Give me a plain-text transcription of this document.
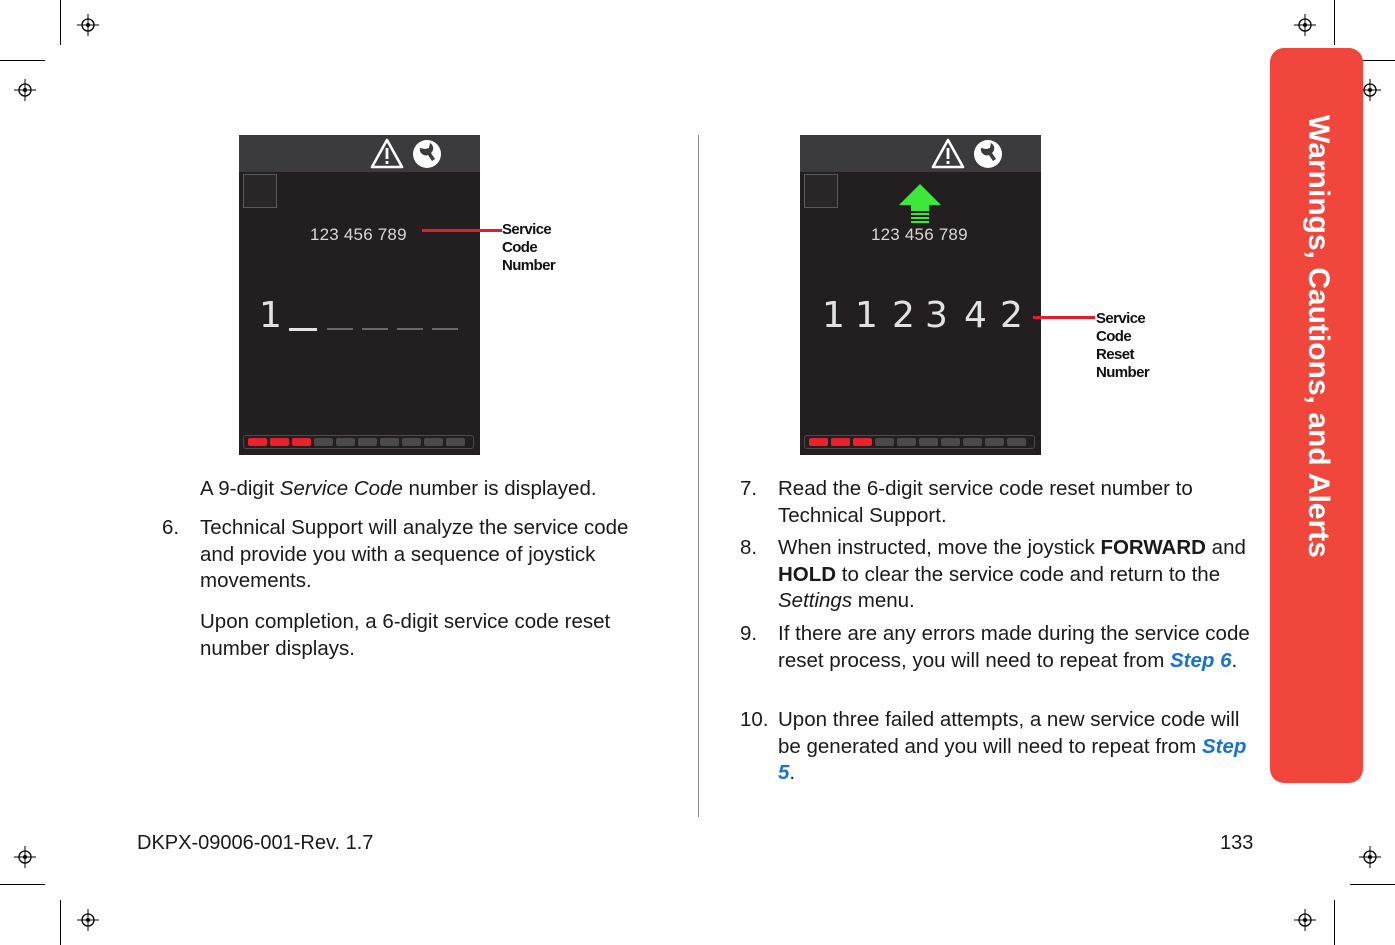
Warnings, Cautions, and Alerts
123 456 789
1
Service
Code
Number
123 456 789
1 1 2 3 4 2	Service
Code
Reset
Number
A 9-digit Service Code number is displayed.
6. Technical Support will analyze the service code and provide you with a sequence of joystick movements.
Upon completion, a 6-digit service code reset number displays.
7. Read the 6-digit service code reset number to Technical Support.
8. When instructed, move the joystick FORWARD and HOLD to clear the service code and return to the Settings menu.
9. If there are any errors made during the service code reset process, you will need to repeat from Step 6.
10. Upon three failed attempts, a new service code will be generated and you will need to repeat from Step 5.
DKPX-09006-001-Rev. 1.7	133
